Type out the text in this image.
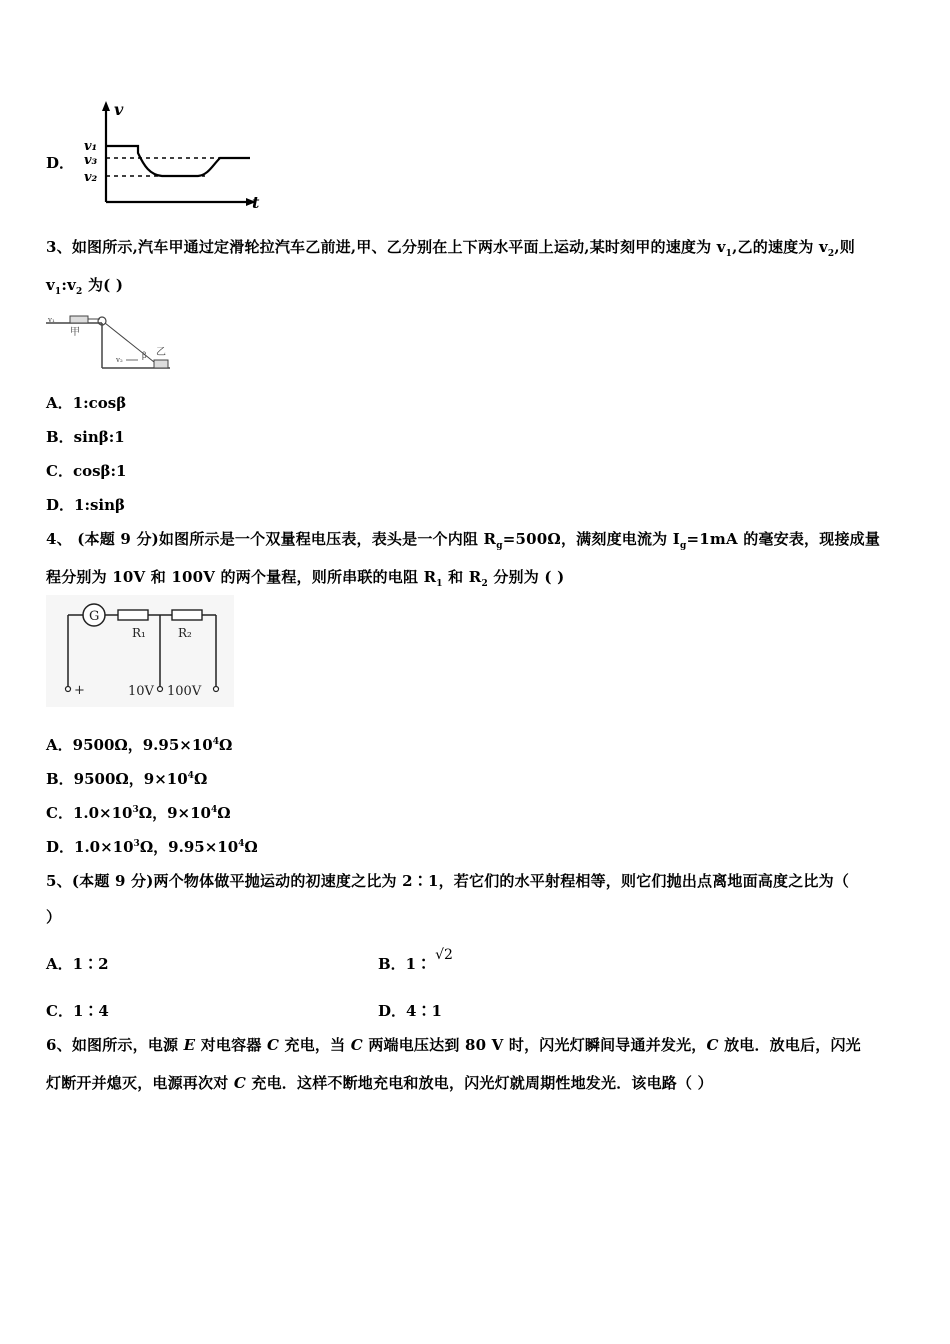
D．
v
t
v₁
v₃
v₂
3、如图所示,汽车甲通过定滑轮拉汽车乙前进,甲、乙分别在上下两水平面上运动,某时刻甲的速度为 $v_1$,乙的速度为 $v_2$,则
$v_1:v_2$ 为( )
v₁
甲
v₂ β 乙
A．1:cosβ
B．sinβ:1
C．cosβ:1
D．1:sinβ
4、 (本题 9 分)如图所示是一个双量程电压表，表头是一个内阻 $R_g=500\Omega$，满刻度电流为 $I_g=1mA$ 的毫安表，现接成量
程分别为 10V 和 100V 的两个量程，则所串联的电阻 $R_1$ 和 $R_2$ 分别为 ( )
G
R₁	R₂
+	10V 100V
A．9500Ω，$9.95\times 10^4\Omega$
B．9500Ω，$9\times 10^4\Omega$
C．$1.0\times 10^3\Omega$，$9\times 10^4\Omega$
D．$1.0\times 10^3\Omega$，$9.95\times 10^4\Omega$
5、(本题 9 分)两个物体做平抛运动的初速度之比为 2∶1，若它们的水平射程相等，则它们抛出点离地面高度之比为（
）
A．1∶2	B．1∶ √2
C．1∶4	D．4∶1
6、如图所示，电源 E 对电容器 C 充电，当 C 两端电压达到 80 V 时，闪光灯瞬间导通并发光，C 放电．放电后，闪光
灯断开并熄灭，电源再次对 C 充电．这样不断地充电和放电，闪光灯就周期性地发光．该电路（ ）
